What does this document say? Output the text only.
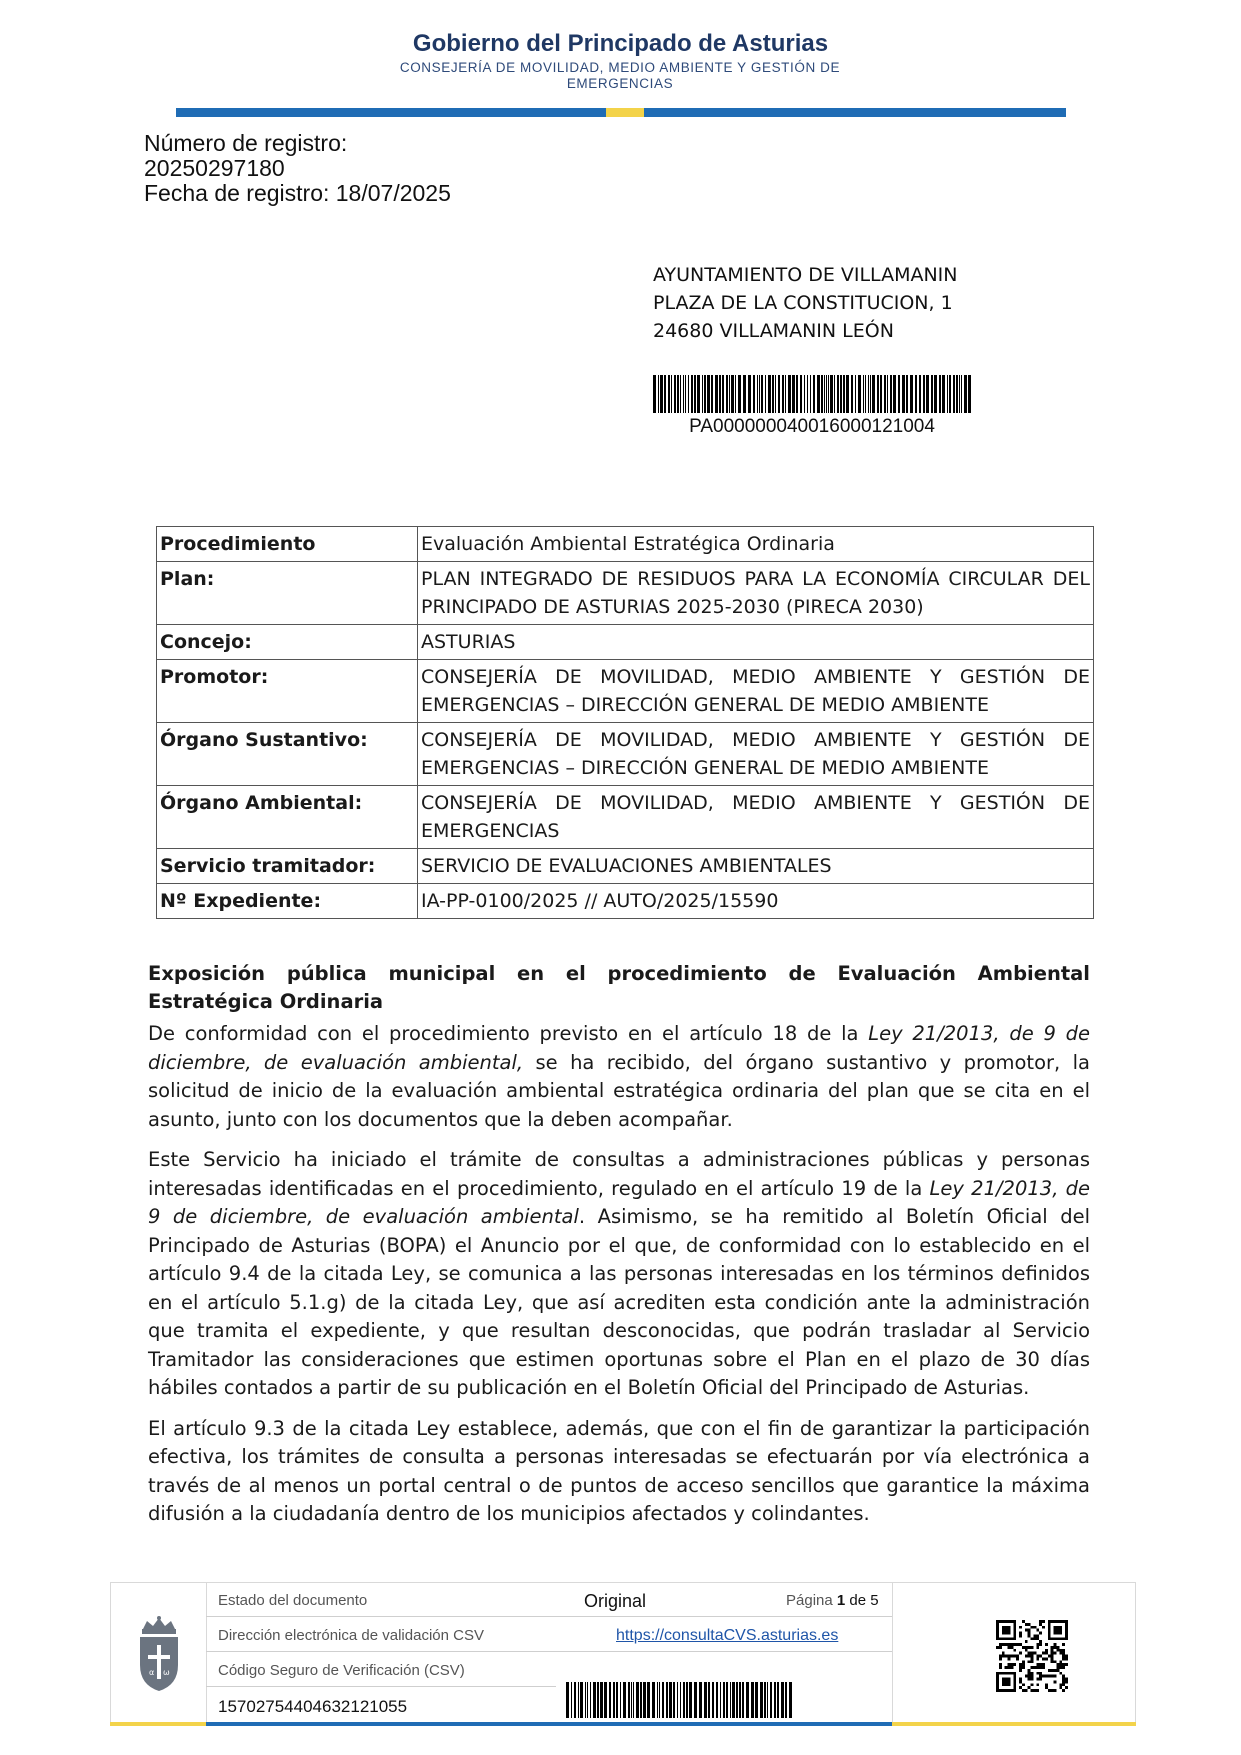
Gobierno del Principado de Asturias
CONSEJERÍA DE MOVILIDAD, MEDIO AMBIENTE Y GESTIÓN DE EMERGENCIAS
Número de registro:
20250297180
Fecha de registro: 18/07/2025
AYUNTAMIENTO DE VILLAMANIN
PLAZA DE LA CONSTITUCION, 1
24680 VILLAMANIN LEÓN
PA000000040016000121004
Procedimiento	Evaluación Ambiental Estratégica Ordinaria
Plan:	PLAN INTEGRADO DE RESIDUOS PARA LA ECONOMÍA CIRCULAR DEL PRINCIPADO DE ASTURIAS 2025-2030 (PIRECA 2030)
Concejo:	ASTURIAS
Promotor:	CONSEJERÍA DE MOVILIDAD, MEDIO AMBIENTE Y GESTIÓN DE EMERGENCIAS – DIRECCIÓN GENERAL DE MEDIO AMBIENTE
Órgano Sustantivo:	CONSEJERÍA DE MOVILIDAD, MEDIO AMBIENTE Y GESTIÓN DE EMERGENCIAS – DIRECCIÓN GENERAL DE MEDIO AMBIENTE
Órgano Ambiental:	CONSEJERÍA DE MOVILIDAD, MEDIO AMBIENTE Y GESTIÓN DE EMERGENCIAS
Servicio tramitador:	SERVICIO DE EVALUACIONES AMBIENTALES
Nº Expediente:	IA-PP-0100/2025 // AUTO/2025/15590
Exposición pública municipal en el procedimiento de Evaluación Ambiental Estratégica Ordinaria

De conformidad con el procedimiento previsto en el artículo 18 de la Ley 21/2013, de 9 de diciembre, de evaluación ambiental, se ha recibido, del órgano sustantivo y promotor, la solicitud de inicio de la evaluación ambiental estratégica ordinaria del plan que se cita en el asunto, junto con los documentos que la deben acompañar.

Este Servicio ha iniciado el trámite de consultas a administraciones públicas y personas interesadas identificadas en el procedimiento, regulado en el artículo 19 de la Ley 21/2013, de 9 de diciembre, de evaluación ambiental. Asimismo, se ha remitido al Boletín Oficial del Principado de Asturias (BOPA) el Anuncio por el que, de conformidad con lo establecido en el artículo 9.4 de la citada Ley, se comunica a las personas interesadas en los términos definidos en el artículo 5.1.g) de la citada Ley, que así acrediten esta condición ante la administración que tramita el expediente, y que resultan desconocidas, que podrán trasladar al Servicio Tramitador las consideraciones que estimen oportunas sobre el Plan en el plazo de 30 días hábiles contados a partir de su publicación en el Boletín Oficial del Principado de Asturias.

El artículo 9.3 de la citada Ley establece, además, que con el fin de garantizar la participación efectiva, los trámites de consulta a personas interesadas se efectuarán por vía electrónica a través de al menos un portal central o de puntos de acceso sencillos que garantice la máxima difusión a la ciudadanía dentro de los municipios afectados y colindantes.

α ω
Estado del documento	Original	Página 1 de 5
Dirección electrónica de validación CSV	https://consultaCVS.asturias.es
Código Seguro de Verificación (CSV)
15702754404632121055
